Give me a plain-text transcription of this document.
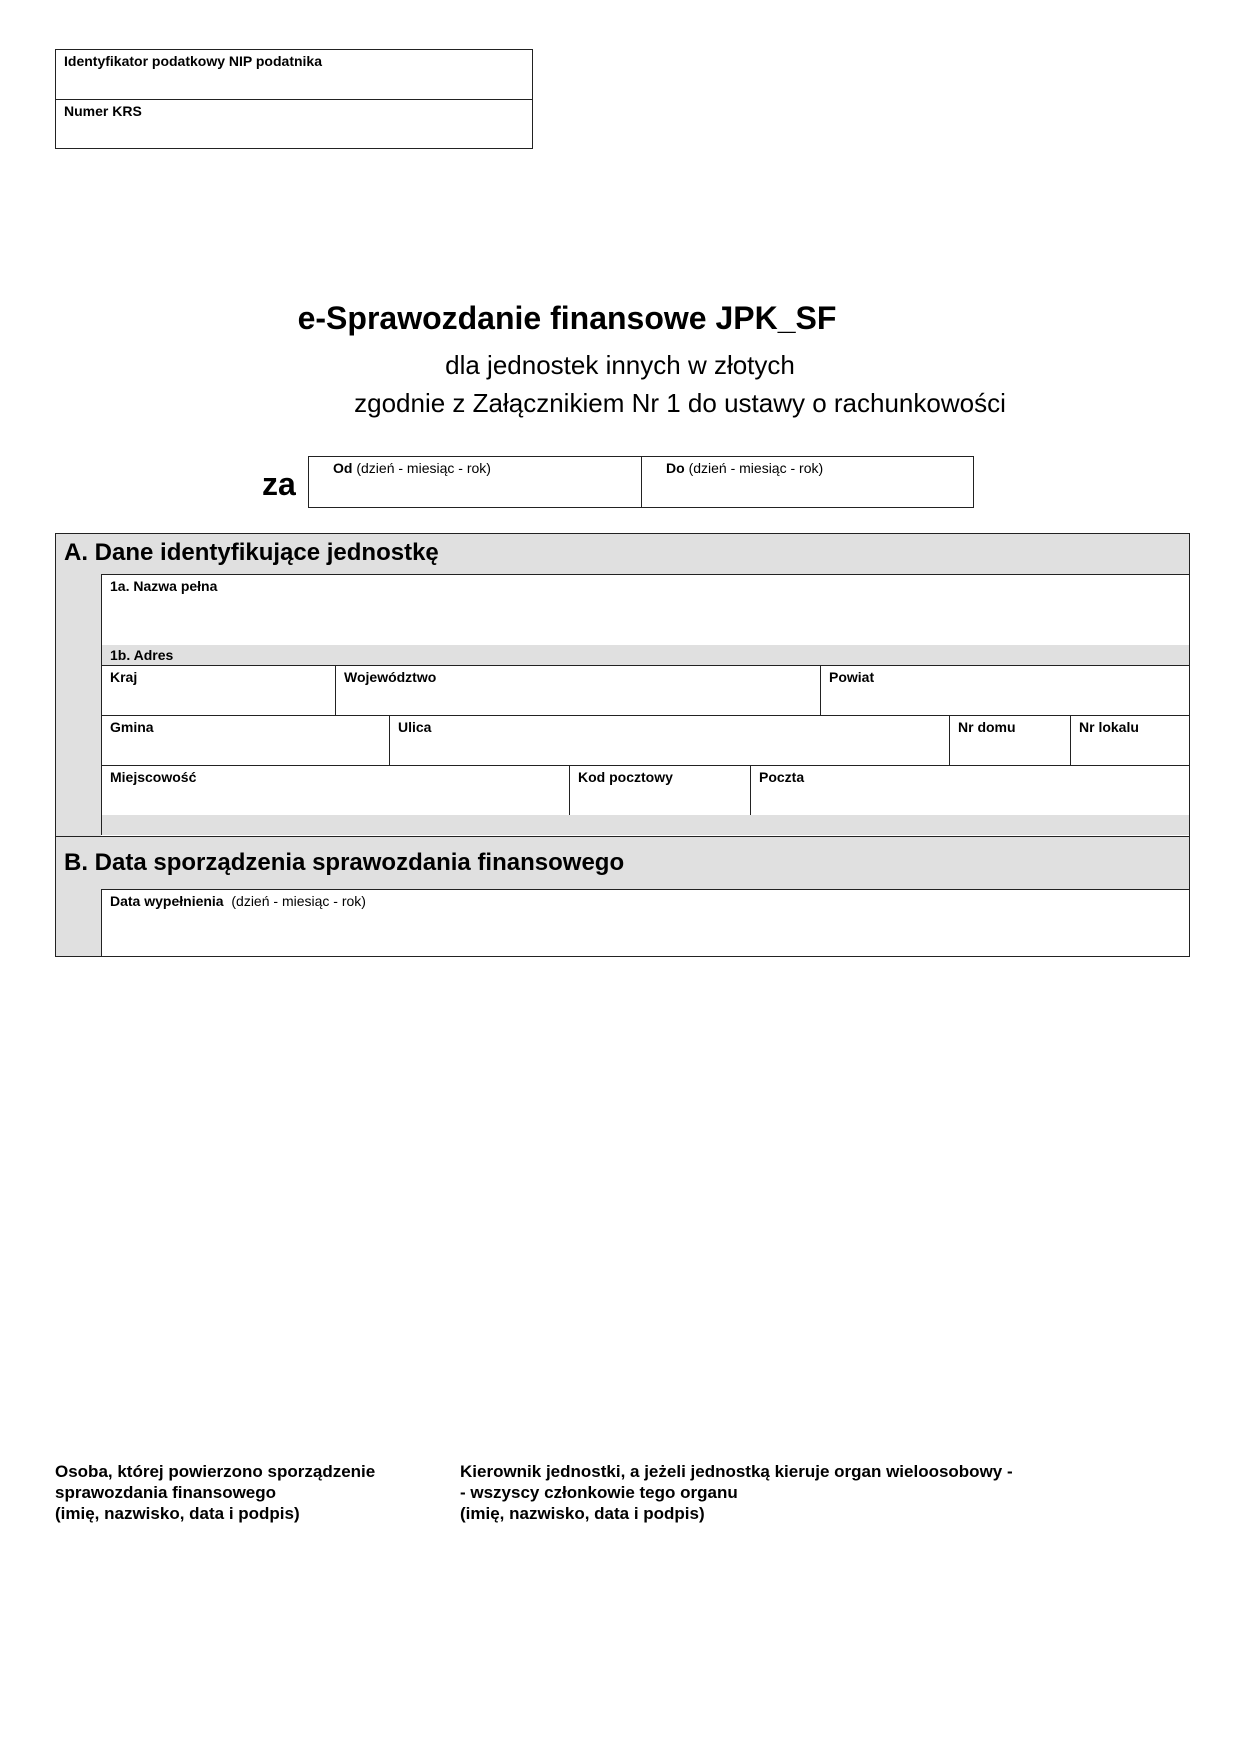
Identyfikator podatkowy NIP podatnika
Numer KRS
e-Sprawozdanie finansowe JPK_SF
dla jednostek innych w złotych
zgodnie z Załącznikiem Nr 1 do ustawy o rachunkowości
za	Od (dzień - miesiąc - rok)	Do (dzień - miesiąc - rok)
A. Dane identyfikujące jednostkę
1a. Nazwa pełna
1b. Adres
Kraj	Województwo	Powiat
Gmina	Ulica	Nr domu	Nr lokalu
Miejscowość	Kod pocztowy	Poczta
B. Data sporządzenia sprawozdania finansowego
Data wypełnienia (dzień - miesiąc - rok)
Osoba, której powierzono sporządzenie
sprawozdania finansowego
(imię, nazwisko, data i podpis)
Kierownik jednostki, a jeżeli jednostką kieruje organ wieloosobowy -
- wszyscy członkowie tego organu
(imię, nazwisko, data i podpis)
